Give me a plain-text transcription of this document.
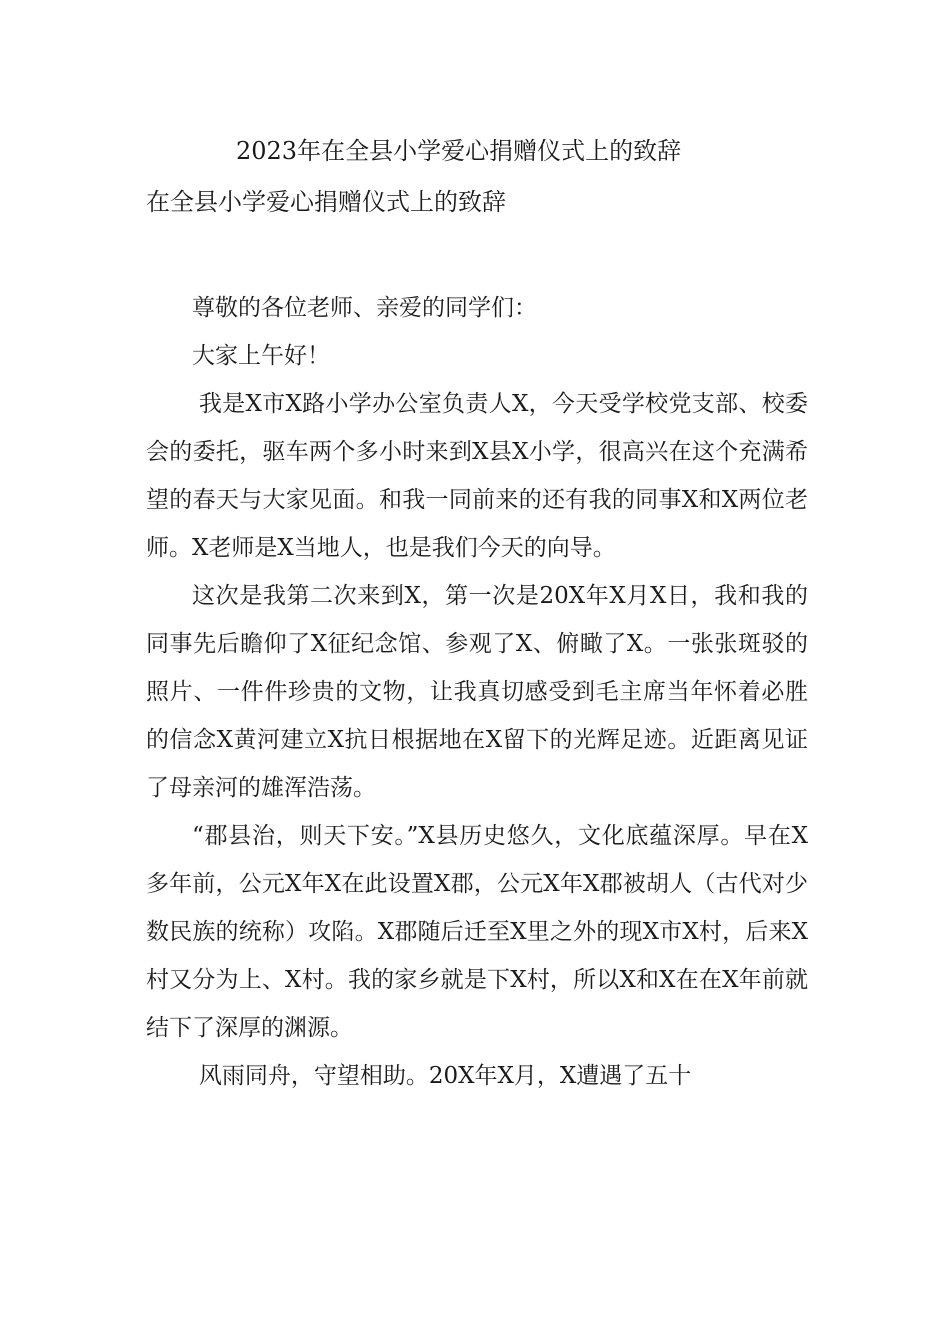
2023年在全县小学爱心捐赠仪式上的致辞
在全县小学爱心捐赠仪式上的致辞

尊敬的各位老师、亲爱的同学们：

大家上午好！

我是X市X路小学办公室负责人X，今天受学校党支部、校委会的委托，驱车两个多小时来到X县X小学，很高兴在这个充满希望的春天与大家见面。和我一同前来的还有我的同事X和X两位老师。X老师是X当地人，也是我们今天的向导。

这次是我第二次来到X，第一次是20X年X月X日，我和我的同事先后瞻仰了X征纪念馆、参观了X、俯瞰了X。一张张斑驳的照片、一件件珍贵的文物，让我真切感受到毛主席当年怀着必胜的信念X黄河建立X抗日根据地在X留下的光辉足迹。近距离见证了母亲河的雄浑浩荡。

“郡县治，则天下安。”X县历史悠久，文化底蕴深厚。早在X多年前，公元X年X在此设置X郡，公元X年X郡被胡人（古代对少数民族的统称）攻陷。X郡随后迁至X里之外的现X市X村，后来X村又分为上、X村。我的家乡就是下X村，所以X和X在在X年前就结下了深厚的渊源。

风雨同舟，守望相助。20X年X月，X遭遇了五十
